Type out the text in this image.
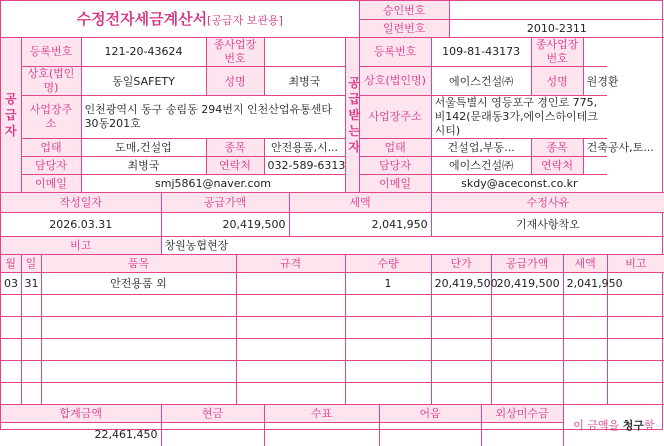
수정전자세금계산서[공급자 보관용]										승인번호									
										일련번호			2010-2311						
공급자	등록번호		121-20-43624		종사업장번호				공급받는자	등록번호		109-81-43173				종사업장번호			
	상호(법인명)		동일SAFETY		성명		최병국			상호(법인명)		에이스건설㈜				성명		원경환	
	사업장주소		인천광역시 동구 송림동 294번지 인천산업유통센타 30동201호							사업장주소		서울특별시 영등포구 경인로 775,비142(문래동3가,에이스하이테크시티)							
	업태		도매,건설업		종목		안전용품,시...			업태		건설업,부동...				종목		건축공사,토...	
	담당자		최병국		연락처		032-589-6313			담당자		에이스건설㈜				연락처			
	이메일		smj5861@naver.com							이메일		skdy@aceconst.co.kr							
작성일자				공급가액				세액				수정사유							
2026.03.31				20,419,500				2,041,950				기재사항착오							
비고				창원농협현장															
월	일	품목				규격			수량			단가			공급가액		세액		비고
03	31	안전용품 외							1			20,419,500			20,419,500		2,041,950		

합계금액				현금			수표				어음			외상미수금			이 금액을 청구함		
22,461,450																			
